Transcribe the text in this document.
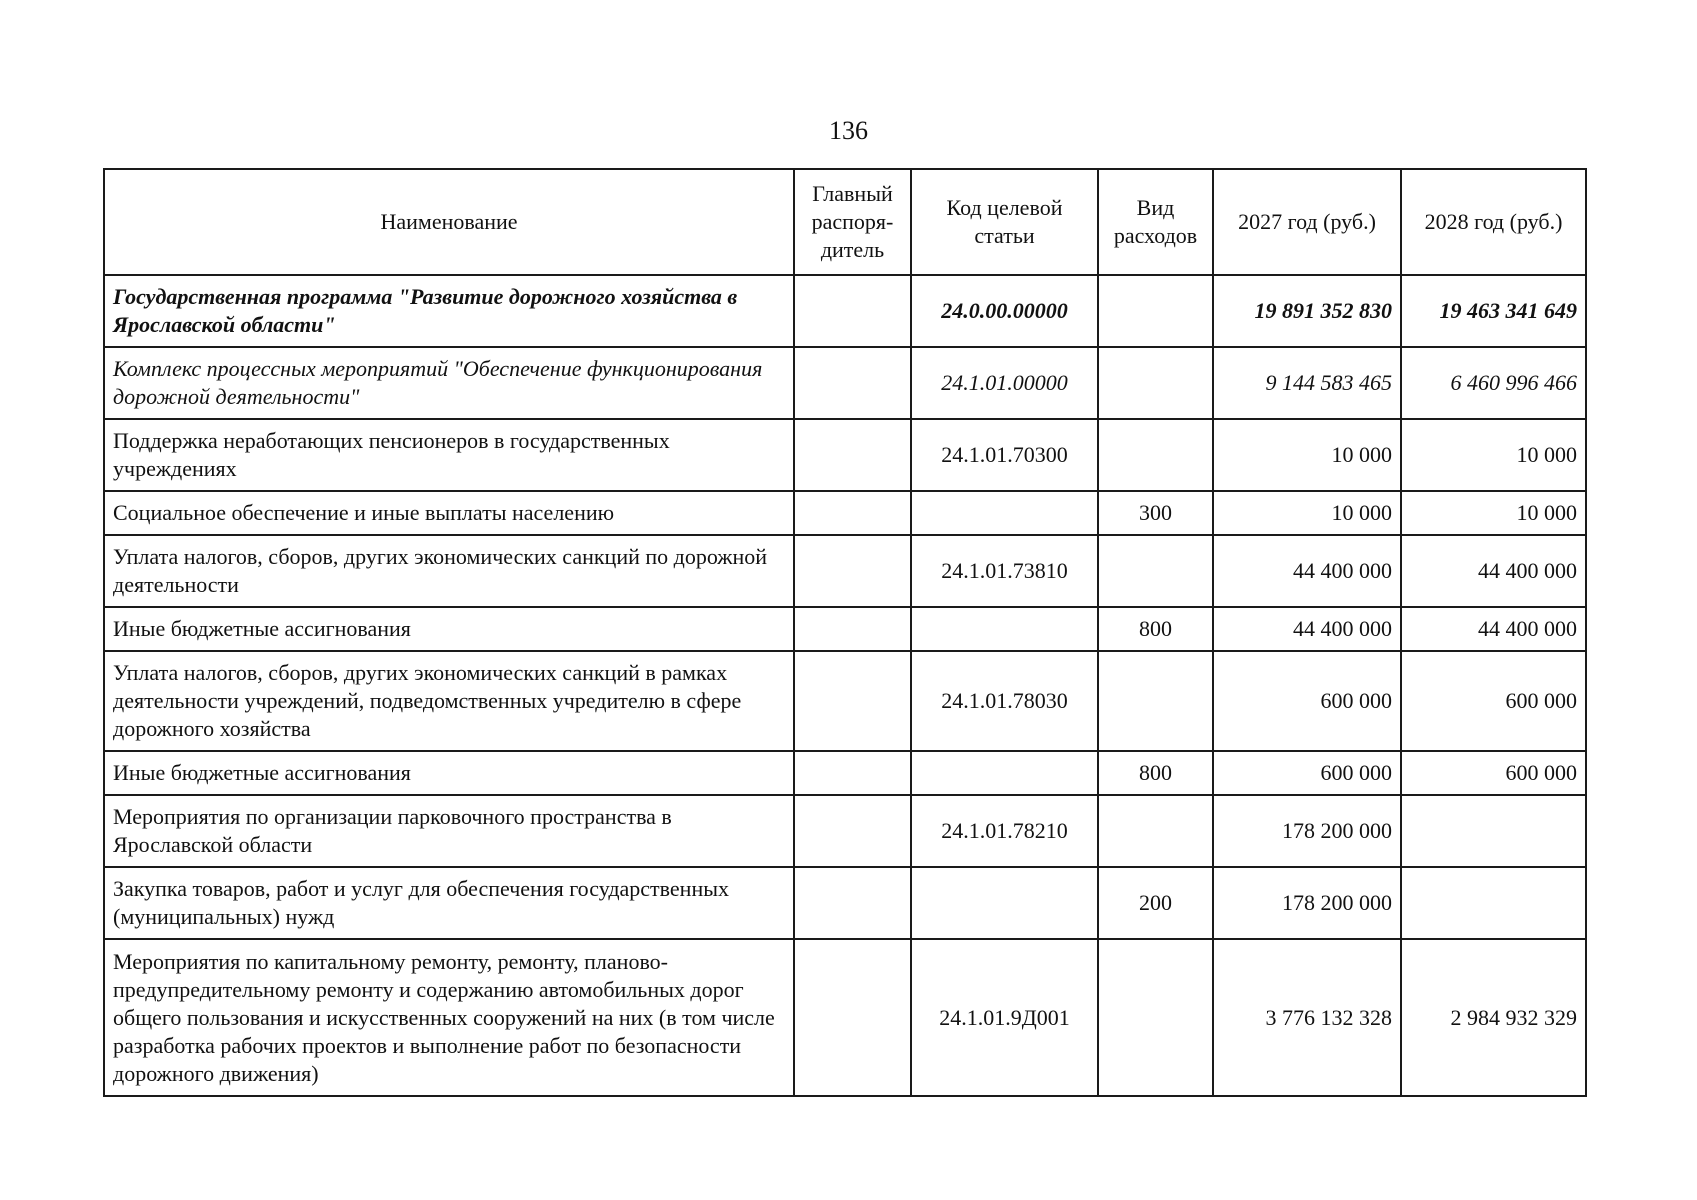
136
Наименование	Главный распоря-дитель	Код целевой статьи	Вид расходов	2027 год (руб.)	2028 год (руб.)
Государственная программа "Развитие дорожного хозяйства в Ярославской области"		24.0.00.00000		19 891 352 830	19 463 341 649
Комплекс процессных мероприятий "Обеспечение функционирования дорожной деятельности"		24.1.01.00000		9 144 583 465	6 460 996 466
Поддержка неработающих пенсионеров в государственных учреждениях		24.1.01.70300		10 000	10 000
Социальное обеспечение и иные выплаты населению			300	10 000	10 000
Уплата налогов, сборов, других экономических санкций по дорожной деятельности		24.1.01.73810		44 400 000	44 400 000
Иные бюджетные ассигнования			800	44 400 000	44 400 000
Уплата налогов, сборов, других экономических санкций в рамках деятельности учреждений, подведомственных учредителю в сфере дорожного хозяйства		24.1.01.78030		600 000	600 000
Иные бюджетные ассигнования			800	600 000	600 000
Мероприятия по организации парковочного пространства в Ярославской области		24.1.01.78210		178 200 000	
Закупка товаров, работ и услуг для обеспечения государственных (муниципальных) нужд			200	178 200 000	
Мероприятия по капитальному ремонту, ремонту, планово-предупредительному ремонту и содержанию автомобильных дорог общего пользования и искусственных сооружений на них (в том числе разработка рабочих проектов и выполнение работ по безопасности дорожного движения)		24.1.01.9Д001		3 776 132 328	2 984 932 329
